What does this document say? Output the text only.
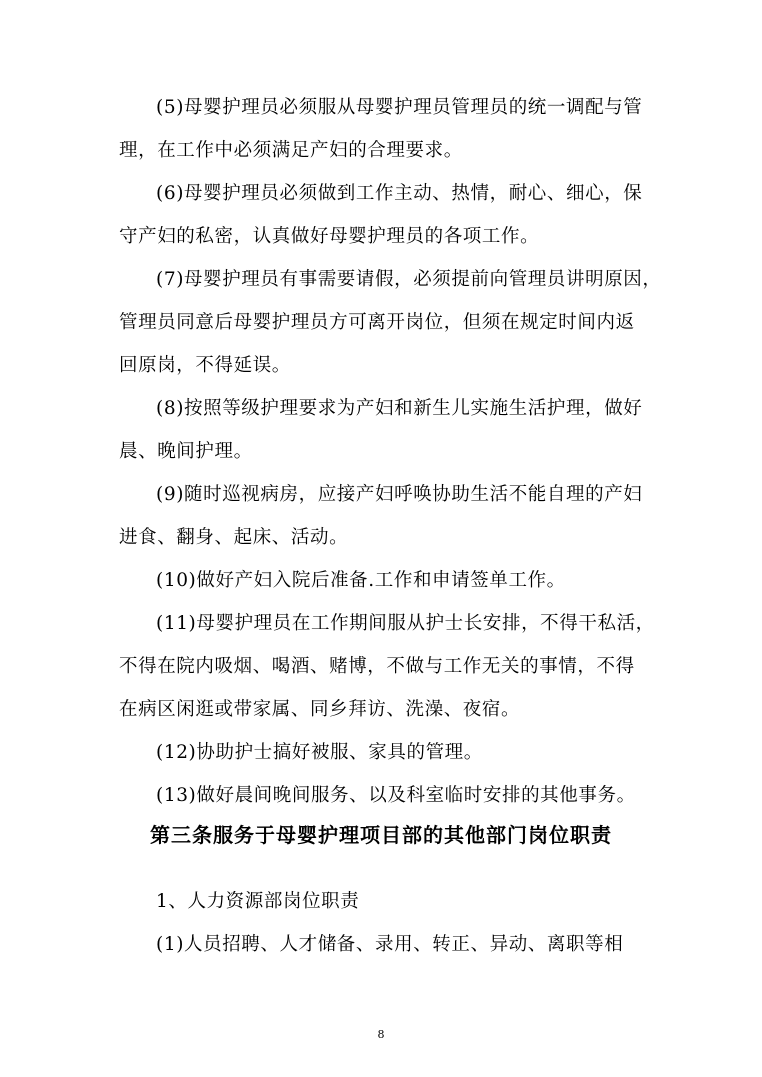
(5)母婴护理员必须服从母婴护理员管理员的统一调配与管
理，在工作中必须满足产妇的合理要求。
(6)母婴护理员必须做到工作主动、热情，耐心、细心，保
守产妇的私密，认真做好母婴护理员的各项工作。
(7)母婴护理员有事需要请假，必须提前向管理员讲明原因，
管理员同意后母婴护理员方可离开岗位，但须在规定时间内返
回原岗，不得延误。
(8)按照等级护理要求为产妇和新生儿实施生活护理，做好
晨、晚间护理。
(9)随时巡视病房，应接产妇呼唤协助生活不能自理的产妇
进食、翻身、起床、活动。
(10)做好产妇入院后准备.工作和申请签单工作。
(11)母婴护理员在工作期间服从护士长安排，不得干私活，
不得在院内吸烟、喝酒、赌博，不做与工作无关的事情，不得
在病区闲逛或带家属、同乡拜访、洗澡、夜宿。
(12)协助护士搞好被服、家具的管理。
(13)做好晨间晚间服务、以及科室临时安排的其他事务。
第三条服务于母婴护理项目部的其他部门岗位职责
1、人力资源部岗位职责
(1)人员招聘、人才储备、录用、转正、异动、离职等相
8
